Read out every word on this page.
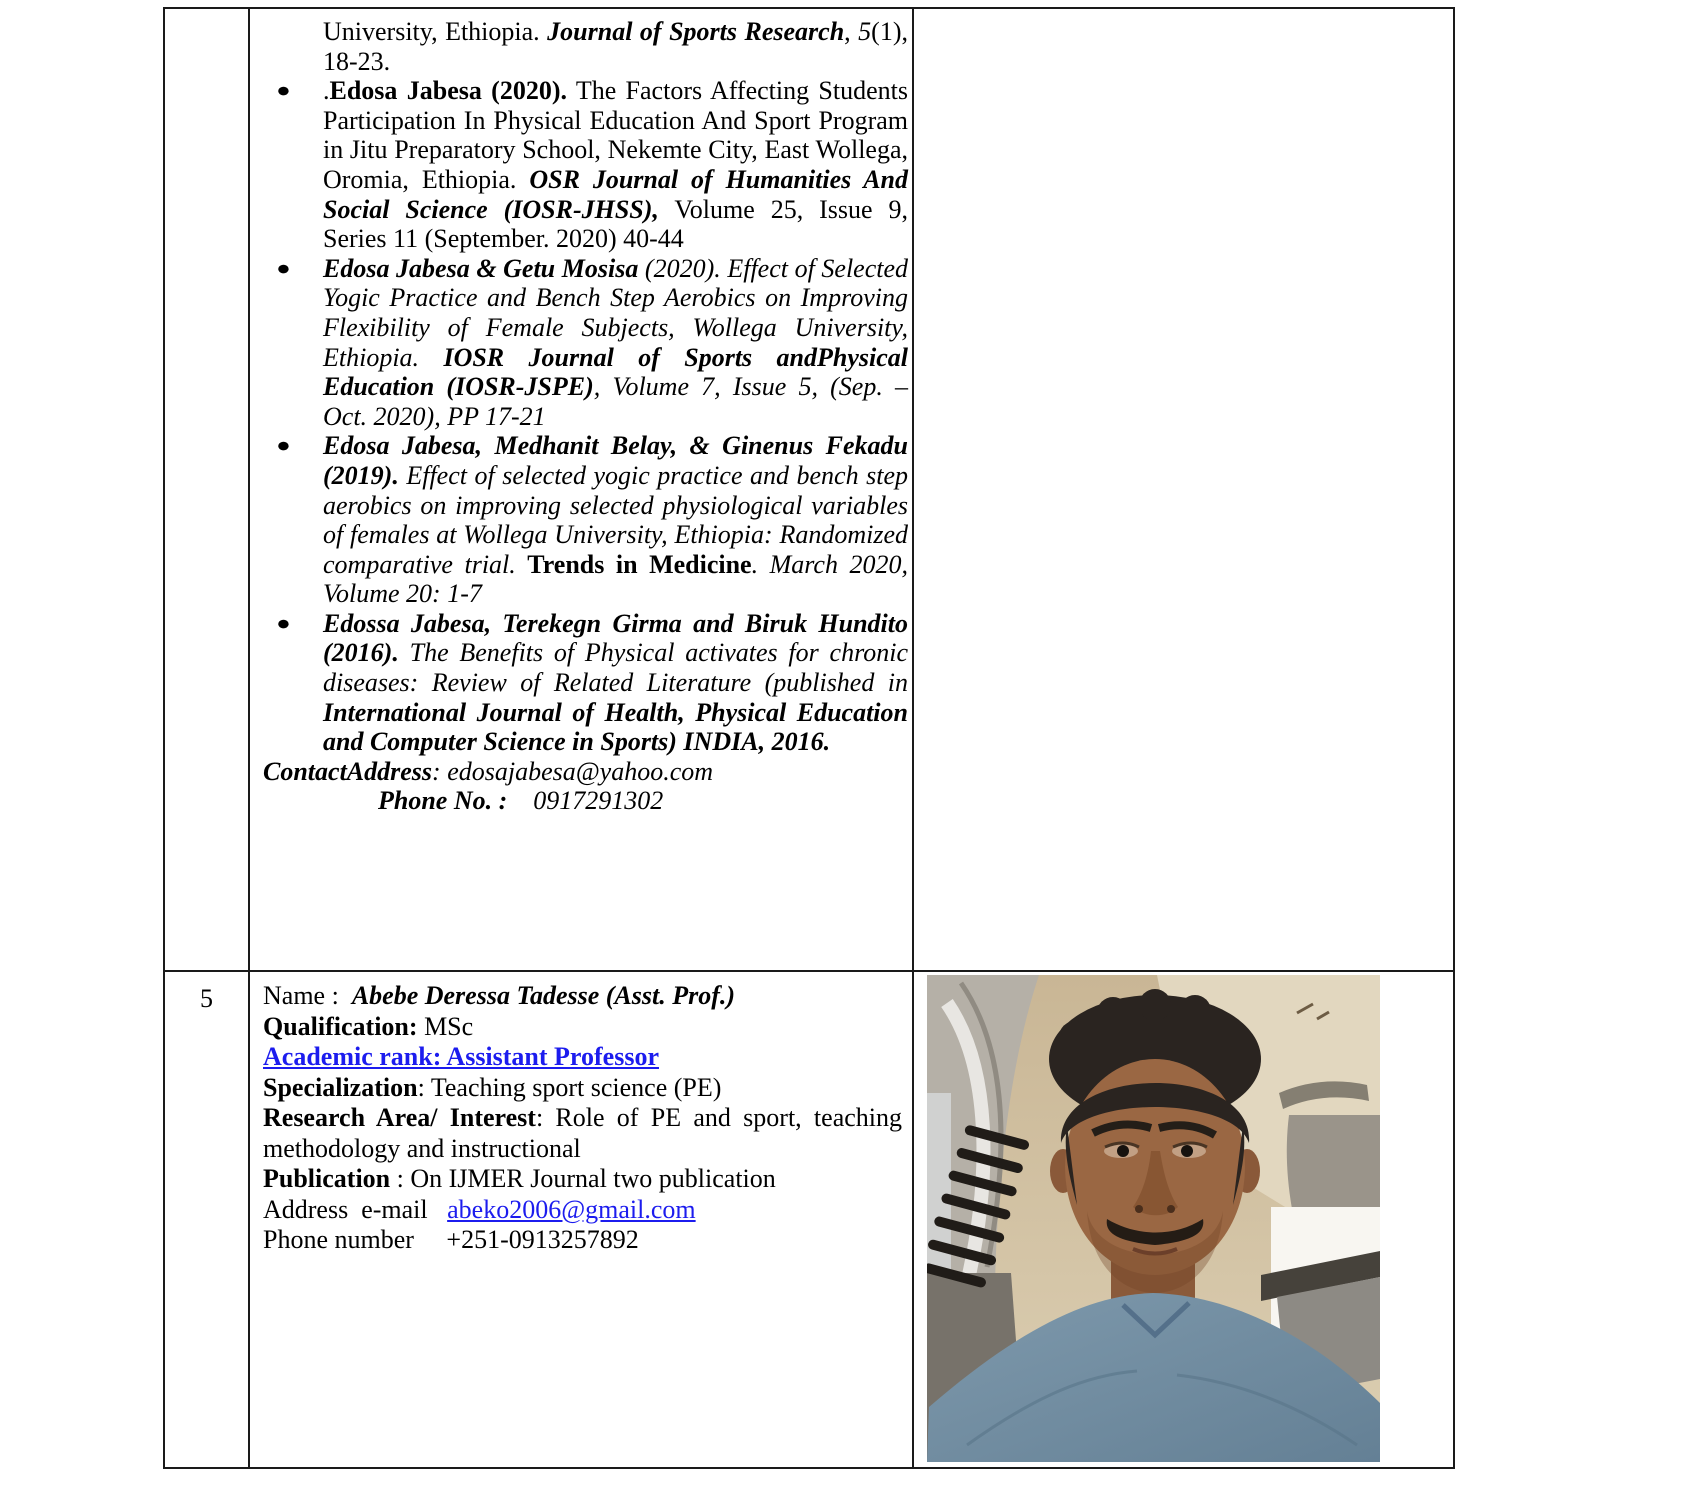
University, Ethiopia. Journal of Sports Research, 5(1), 18-23.

● .Edosa Jabesa (2020). The Factors Affecting Students Participation In Physical Education And Sport Program in Jitu Preparatory School, Nekemte City, East Wollega, Oromia, Ethiopia. OSR Journal of Humanities And Social Science (IOSR-JHSS), Volume 25, Issue 9, Series 11 (September. 2020) 40-44
● Edosa Jabesa & Getu Mosisa (2020). Effect of Selected Yogic Practice and Bench Step Aerobics on Improving Flexibility of Female Subjects, Wollega University, Ethiopia. IOSR Journal of Sports andPhysical Education (IOSR-JSPE), Volume 7, Issue 5, (Sep. – Oct. 2020), PP 17-21
● Edosa Jabesa, Medhanit Belay, & Ginenus Fekadu (2019). Effect of selected yogic practice and bench step aerobics on improving selected physiological variables of females at Wollega University, Ethiopia: Randomized comparative trial. Trends in Medicine. March 2020, Volume 20: 1-7
● Edossa Jabesa, Terekegn Girma and Biruk Hundito (2016). The Benefits of Physical activates for chronic diseases: Review of Related Literature (published in International Journal of Health, Physical Education and Computer Science in Sports) INDIA, 2016.

ContactAddress: edosajabesa@yahoo.com

Phone No. :    0917291302

5	Name :  Abebe Deressa Tadesse (Asst. Prof.)
Qualification: MSc
Academic rank: Assistant Professor
Specialization: Teaching sport science (PE)
Research Area/ Interest: Role of PE and sport, teaching methodology and instructional
Publication : On IJMER Journal two publication
Address  e-mail   abeko2006@gmail.com
Phone number     +251-0913257892
